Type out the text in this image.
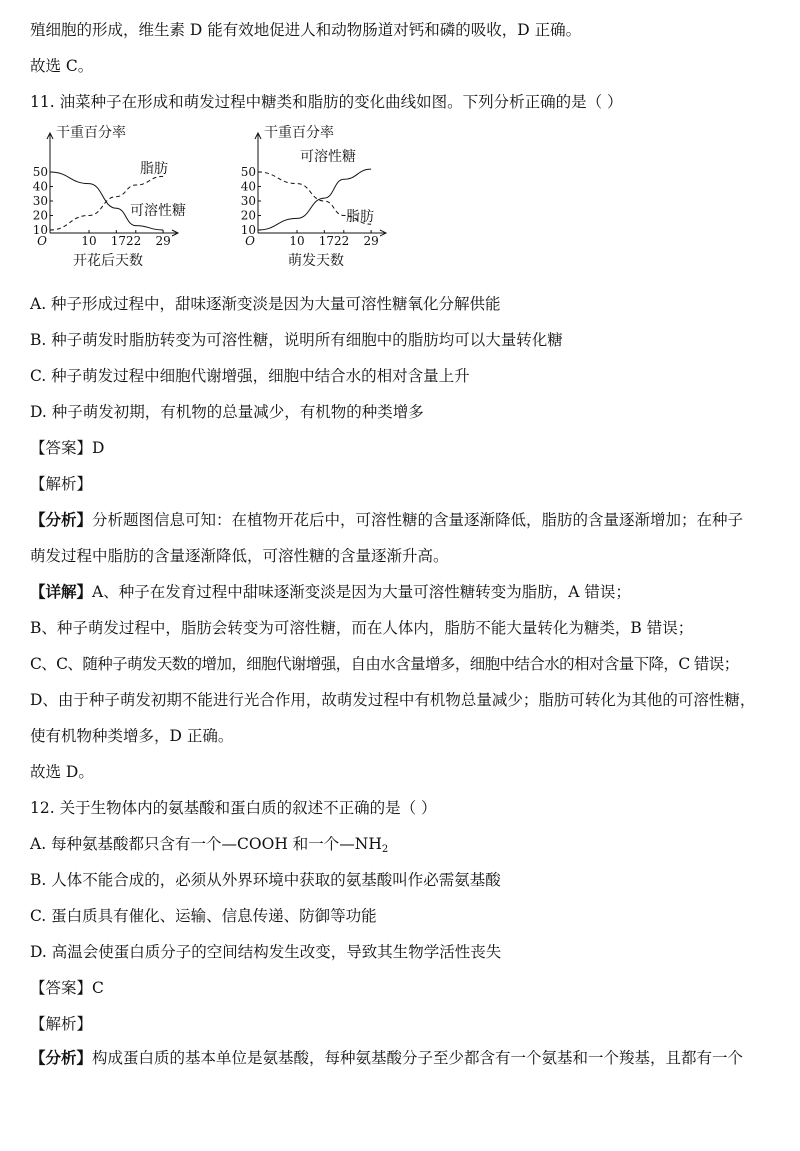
殖细胞的形成，维生素 D 能有效地促进人和动物肠道对钙和磷的吸收，D 正确。
故选 C。
11. 油菜种子在形成和萌发过程中糖类和脂肪的变化曲线如图。下列分析正确的是（ ）
干重百分率
10
20
30
40
50
O	10 1722 29
开花后天数
脂肪
可溶性糖
干重百分率
10
20
30
40
50
O	10 1722 29
萌发天数
可溶性糖
脂肪
A. 种子形成过程中，甜味逐渐变淡是因为大量可溶性糖氧化分解供能
B. 种子萌发时脂肪转变为可溶性糖，说明所有细胞中的脂肪均可以大量转化糖
C. 种子萌发过程中细胞代谢增强，细胞中结合水的相对含量上升
D. 种子萌发初期，有机物的总量减少，有机物的种类增多
【答案】D
【解析】
【分析】分析题图信息可知：在植物开花后中，可溶性糖的含量逐渐降低，脂肪的含量逐渐增加；在种子
萌发过程中脂肪的含量逐渐降低，可溶性糖的含量逐渐升高。
【详解】A、种子在发育过程中甜味逐渐变淡是因为大量可溶性糖转变为脂肪，A 错误；
B、种子萌发过程中，脂肪会转变为可溶性糖，而在人体内，脂肪不能大量转化为糖类，B 错误；
C、C、随种子萌发天数的增加，细胞代谢增强，自由水含量增多，细胞中结合水的相对含量下降，C 错误；
D、由于种子萌发初期不能进行光合作用，故萌发过程中有机物总量减少；脂肪可转化为其他的可溶性糖，
使有机物种类增多，D 正确。
故选 D。
12. 关于生物体内的氨基酸和蛋白质的叙述不正确的是（ ）
A. 每种氨基酸都只含有一个—COOH 和一个$—NH_2$
B. 人体不能合成的，必须从外界环境中获取的氨基酸叫作必需氨基酸
C. 蛋白质具有催化、运输、信息传递、防御等功能
D. 高温会使蛋白质分子的空间结构发生改变，导致其生物学活性丧失
【答案】C
【解析】
【分析】构成蛋白质的基本单位是氨基酸，每种氨基酸分子至少都含有一个氨基和一个羧基，且都有一个
